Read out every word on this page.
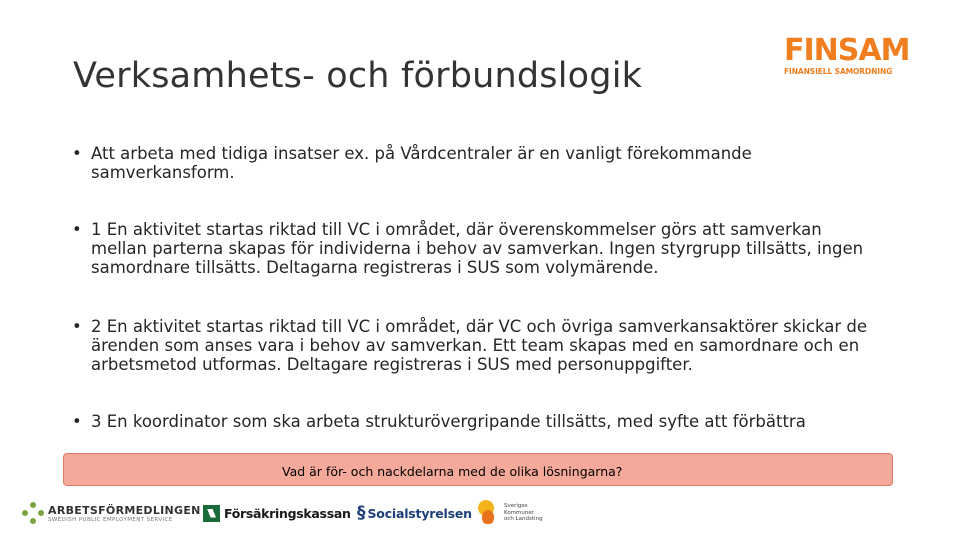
Verksamhets- och förbundslogik
FINSAM
FINANSIELL SAMORDNING
• Att arbeta med tidiga insatser ex. på Vårdcentraler är en vanligt förekommande samverkansform.
• 1 En aktivitet startas riktad till VC i området, där överenskommelser görs att samverkan mellan parterna skapas för individerna i behov av samverkan. Ingen styrgrupp tillsätts, ingen samordnare tillsätts. Deltagarna registreras i SUS som volymärende.
• 2 En aktivitet startas riktad till VC i området, där VC och övriga samverkansaktörer skickar de ärenden som anses vara i behov av samverkan. Ett team skapas med en samordnare och en arbetsmetod utformas. Deltagare registreras i SUS med personuppgifter.
• 3 En koordinator som ska arbeta strukturövergripande tillsätts, med syfte att förbättra
Vad är för- och nackdelarna med de olika lösningarna?
ARBETSFÖRMEDLINGEN
SWEDISH PUBLIC EMPLOYMENT SERVICE	Försäkringskassan § Socialstyrelsen	Sveriges
Kommuner
och Landsting
